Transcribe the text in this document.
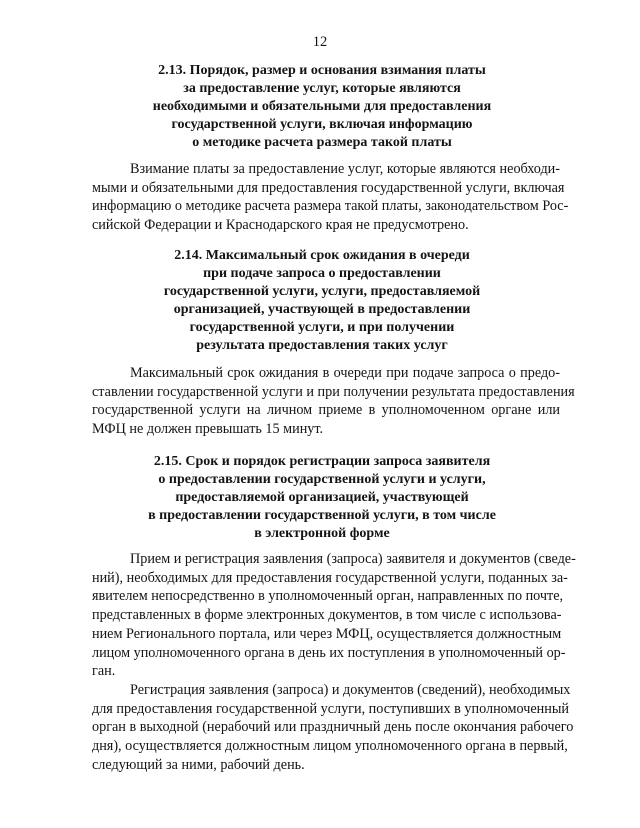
12
2.13. Порядок, размер и основания взимания платы
за предоставление услуг, которые являются
необходимыми и обязательными для предоставления
государственной услуги, включая информацию
о методике расчета размера такой платы
Взимание платы за предоставление услуг, которые являются необходи-
мыми и обязательными для предоставления государственной услуги, включая
информацию о методике расчета размера такой платы, законодательством Рос-
сийской Федерации и Краснодарского края не предусмотрено.
2.14. Максимальный срок ожидания в очереди
при подаче запроса о предоставлении
государственной услуги, услуги, предоставляемой
организацией, участвующей в предоставлении
государственной услуги, и при получении
результата предоставления таких услуг
Максимальный срок ожидания в очереди при подаче запроса о предо-
ставлении государственной услуги и при получении результата предоставления
государственной услуги на личном приеме в уполномоченном органе или
МФЦ не должен превышать 15 минут.
2.15. Срок и порядок регистрации запроса заявителя
о предоставлении государственной услуги и услуги,
предоставляемой организацией, участвующей
в предоставлении государственной услуги, в том числе
в электронной форме
Прием и регистрация заявления (запроса) заявителя и документов (сведе-
ний), необходимых для предоставления государственной услуги, поданных за-
явителем непосредственно в уполномоченный орган, направленных по почте,
представленных в форме электронных документов, в том числе с использова-
нием Регионального портала, или через МФЦ, осуществляется должностным
лицом уполномоченного органа в день их поступления в уполномоченный ор-
ган.
Регистрация заявления (запроса) и документов (сведений), необходимых
для предоставления государственной услуги, поступивших в уполномоченный
орган в выходной (нерабочий или праздничный день после окончания рабочего
дня), осуществляется должностным лицом уполномоченного органа в первый,
следующий за ними, рабочий день.
